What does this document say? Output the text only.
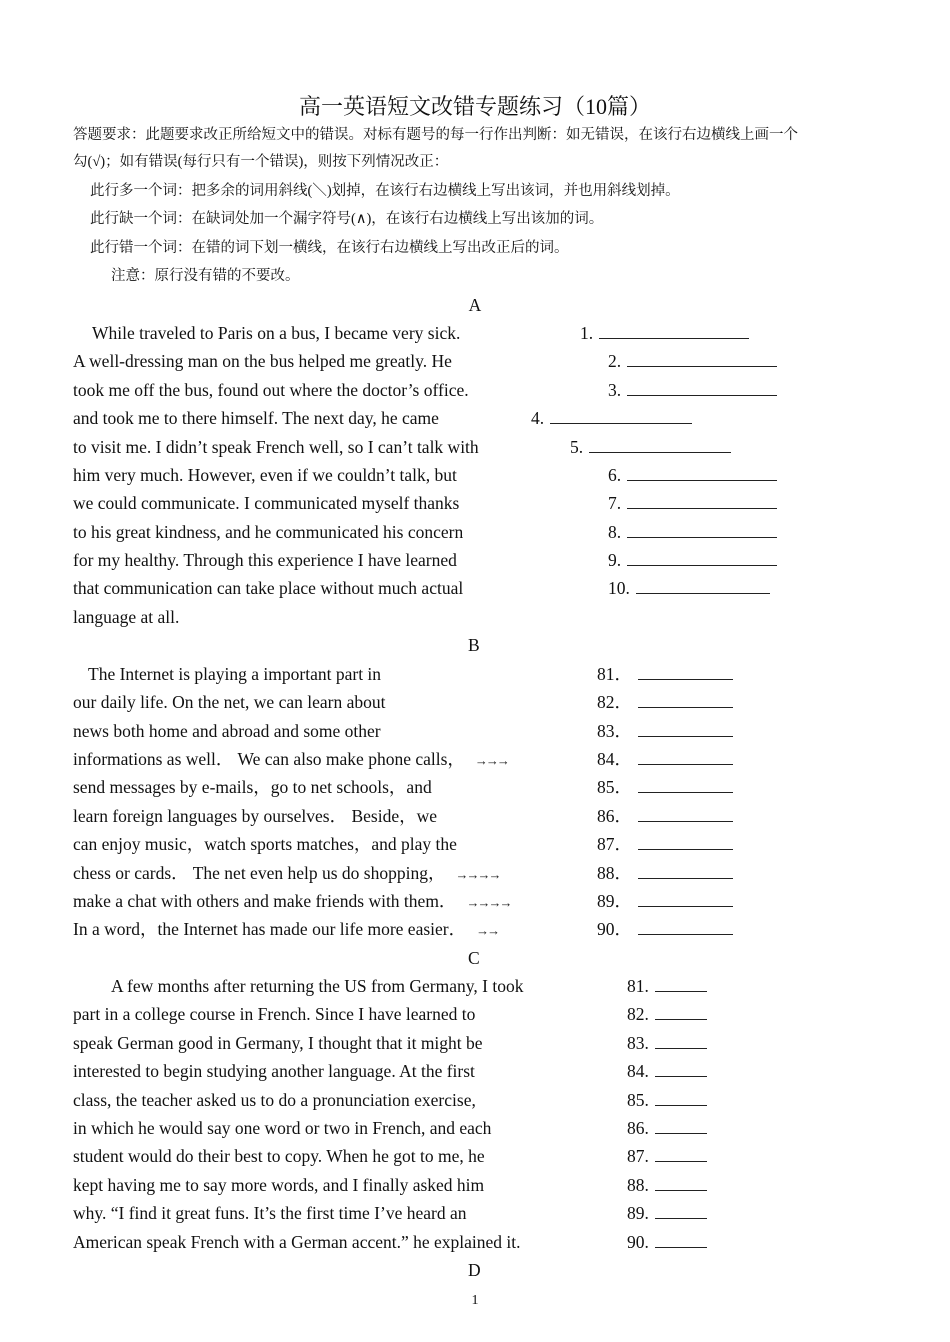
高一英语短文改错专题练习（10篇）
答题要求：此题要求改正所给短文中的错误。对标有题号的每一行作出判断：如无错误，在该行右边横线上画一个
勾(√)；如有错误(每行只有一个错误)，则按下列情况改正：
此行多一个词：把多余的词用斜线(＼)划掉，在该行右边横线上写出该词，并也用斜线划掉。
此行缺一个词：在缺词处加一个漏字符号(∧)，在该行右边横线上写出该加的词。
此行错一个词：在错的词下划一横线，在该行右边横线上写出改正后的词。
注意：原行没有错的不要改。
A
While traveled to Paris on a bus, I became very sick.
A well-dressing man on the bus helped me greatly. He
took me off the bus, found out where the doctor’s office.
and took me to there himself. The next day, he came
to visit me. I didn’t speak French well, so I can’t talk with
him very much. However, even if we couldn’t talk, but
we could communicate. I communicated myself thanks
to his great kindness, and he communicated his concern
for my healthy. Through this experience I have learned
that communication can take place without much actual
language at all.
1.
2.
3.
4.
5.
6.
7.
8.
9.
10.
B
The Internet is playing a important part in
our daily life. On the net, we can learn about
news both home and abroad and some other
informations as well． We can also make phone calls， →→→
send messages by e-mails，go to net schools，and
learn foreign languages by ourselves． Beside，we
can enjoy music，watch sports matches，and play the
chess or cards． The net even help us do shopping， →→→→
make a chat with others and make friends with them． →→→→
In a word，the Internet has made our life more easier． →→
81．
82．
83．
84．
85．
86．
87．
88．
89．
90．
C
A few months after returning the US from Germany, I took
part in a college course in French. Since I have learned to
speak German good in Germany, I thought that it might be
interested to begin studying another language. At the first
class, the teacher asked us to do a pronunciation exercise,
in which he would say one word or two in French, and each
student would do their best to copy. When he got to me, he
kept having me to say more words, and I finally asked him
why. “I find it great funs. It’s the first time I’ve heard an
American speak French with a German accent.” he explained it.
81.
82.
83.
84.
85.
86.
87.
88.
89.
90.
D
1
